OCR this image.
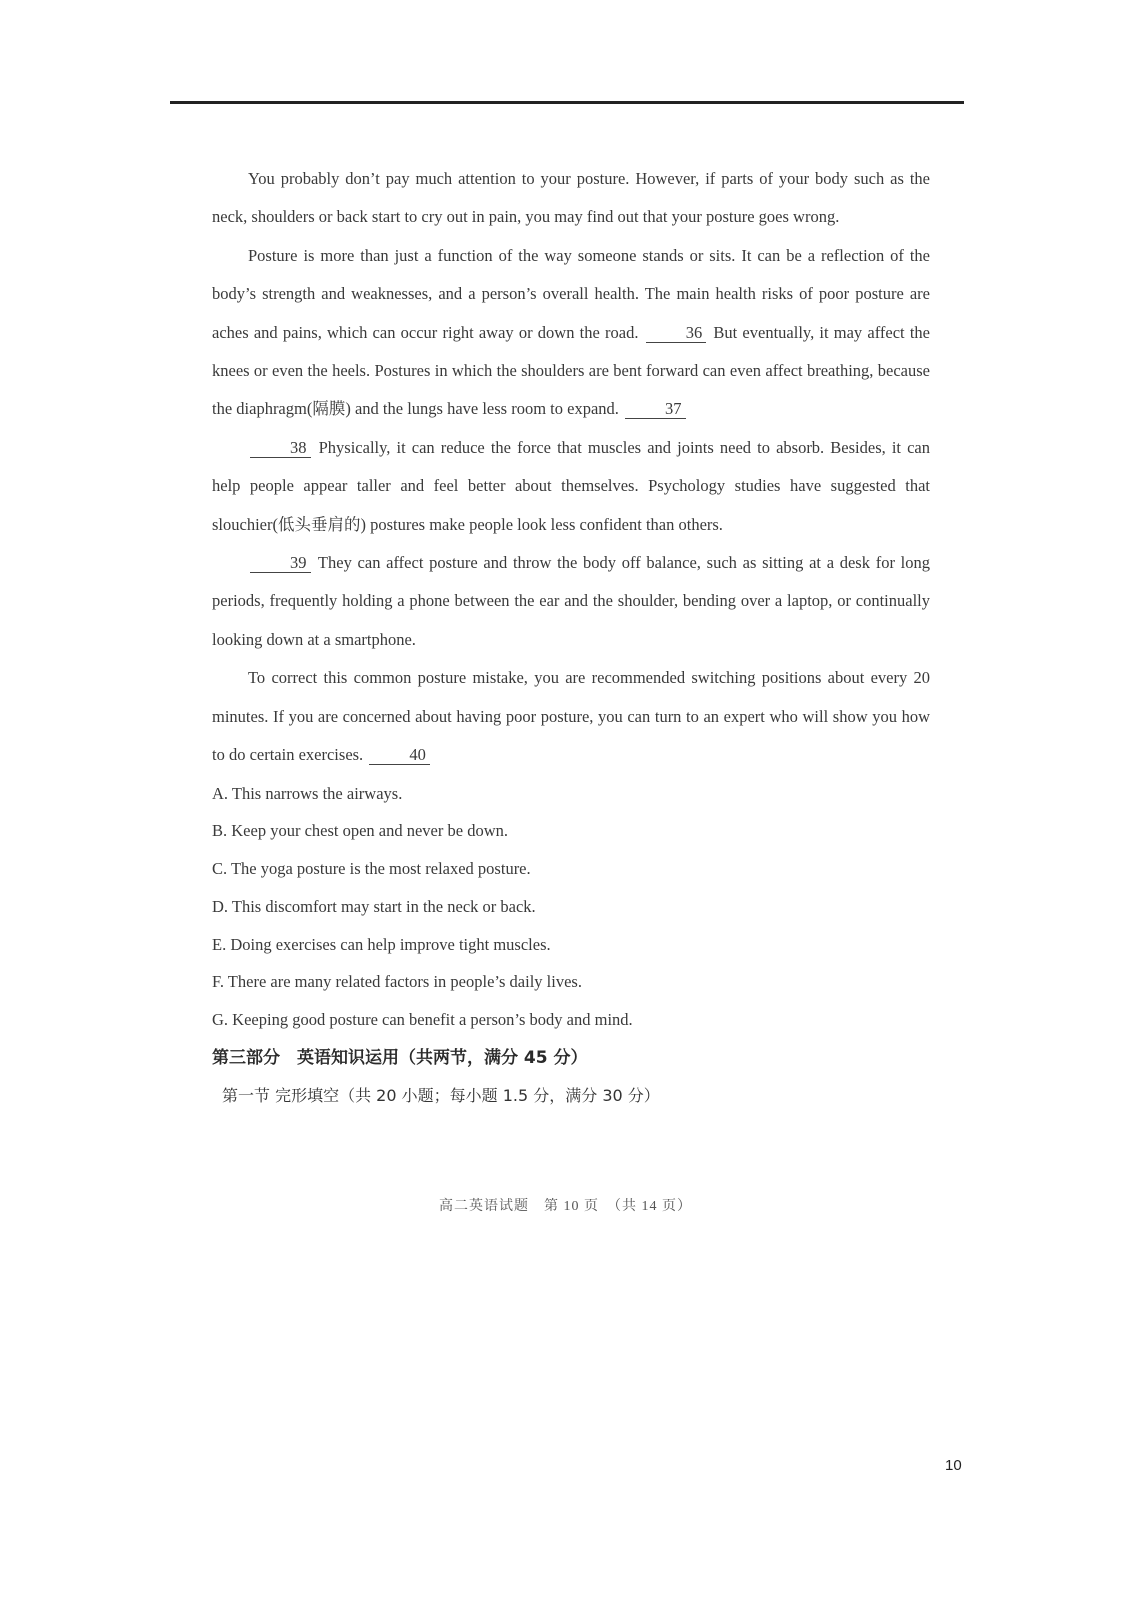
You probably don’t pay much attention to your posture. However, if parts of your body such as the neck, shoulders or back start to cry out in pain, you may find out that your posture goes wrong.

Posture is more than just a function of the way someone stands or sits. It can be a reflection of the body’s strength and weaknesses, and a person’s overall health. The main health risks of poor posture are aches and pains, which can occur right away or down the road.	36 But eventually, it may affect the knees or even the heels. Postures in which the shoulders are bent forward can even affect breathing, because the diaphragm(隔膜) and the lungs have less room to expand.	37

38 Physically, it can reduce the force that muscles and joints need to absorb. Besides, it can help people appear taller and feel better about themselves. Psychology studies have suggested that slouchier(低头垂肩的) postures make people look less confident than others.

39 They can affect posture and throw the body off balance, such as sitting at a desk for long periods, frequently holding a phone between the ear and the shoulder, bending over a laptop, or continually looking down at a smartphone.

To correct this common posture mistake, you are recommended switching positions about every 20 minutes. If you are concerned about having poor posture, you can turn to an expert who will show you how to do certain exercises.	40

A. This narrows the airways.
B. Keep your chest open and never be down.
C. The yoga posture is the most relaxed posture.
D. This discomfort may start in the neck or back.
E. Doing exercises can help improve tight muscles.
F. There are many related factors in people’s daily lives.
G. Keeping good posture can benefit a person’s body and mind.

第三部分　英语知识运用（共两节，满分 45 分）

第一节 完形填空（共 20 小题；每小题 1.5 分，满分 30 分）

高二英语试题　第 10 页　（共 14 页）
10
